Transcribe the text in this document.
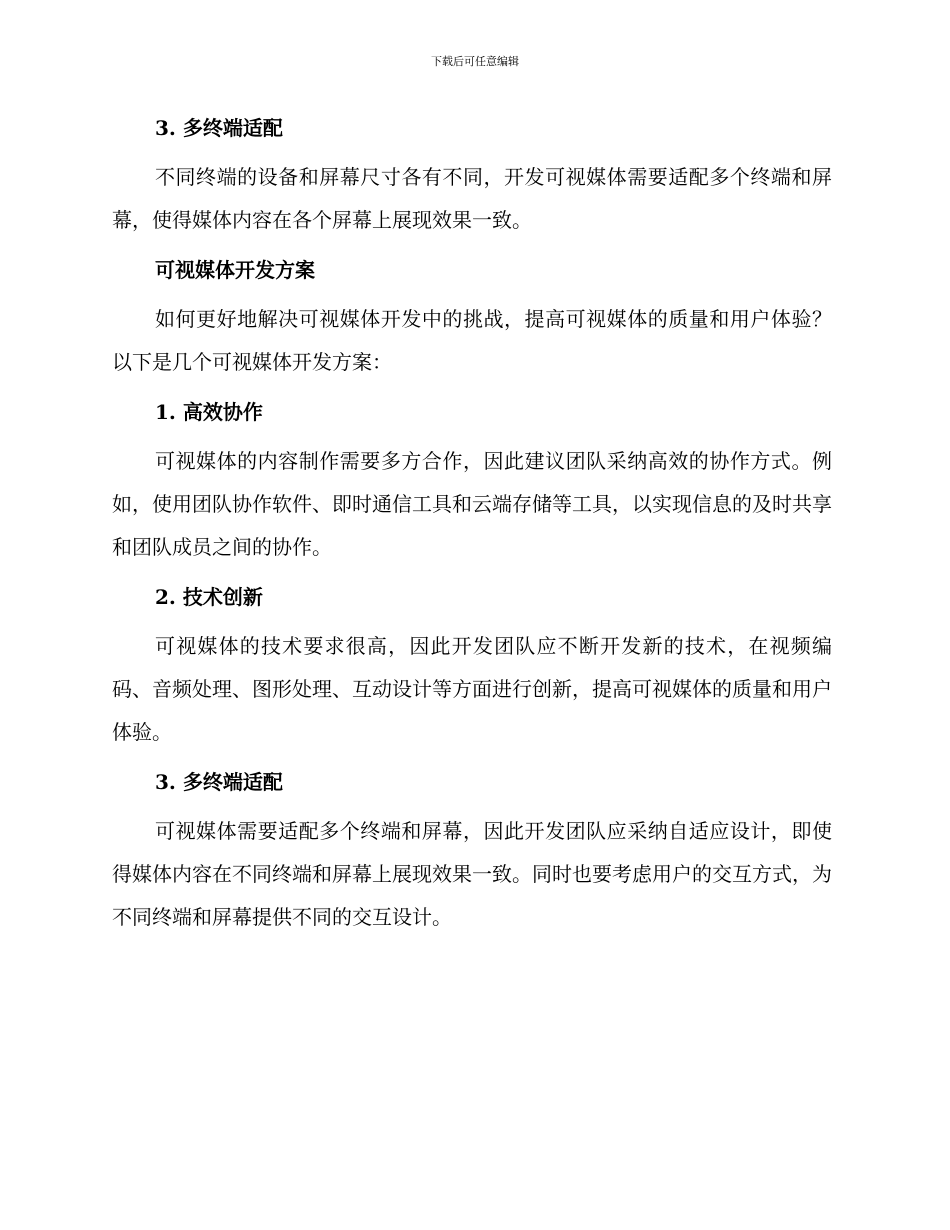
下载后可任意编辑
3. 多终端适配

不同终端的设备和屏幕尺寸各有不同，开发可视媒体需要适配多个终端和屏幕，使得媒体内容在各个屏幕上展现效果一致。

可视媒体开发方案

如何更好地解决可视媒体开发中的挑战，提高可视媒体的质量和用户体验？以下是几个可视媒体开发方案：

1. 高效协作

可视媒体的内容制作需要多方合作，因此建议团队采纳高效的协作方式。例如，使用团队协作软件、即时通信工具和云端存储等工具，以实现信息的及时共享和团队成员之间的协作。

2. 技术创新

可视媒体的技术要求很高，因此开发团队应不断开发新的技术，在视频编码、音频处理、图形处理、互动设计等方面进行创新，提高可视媒体的质量和用户体验。

3. 多终端适配

可视媒体需要适配多个终端和屏幕，因此开发团队应采纳自适应设计，即使得媒体内容在不同终端和屏幕上展现效果一致。同时也要考虑用户的交互方式，为不同终端和屏幕提供不同的交互设计。
